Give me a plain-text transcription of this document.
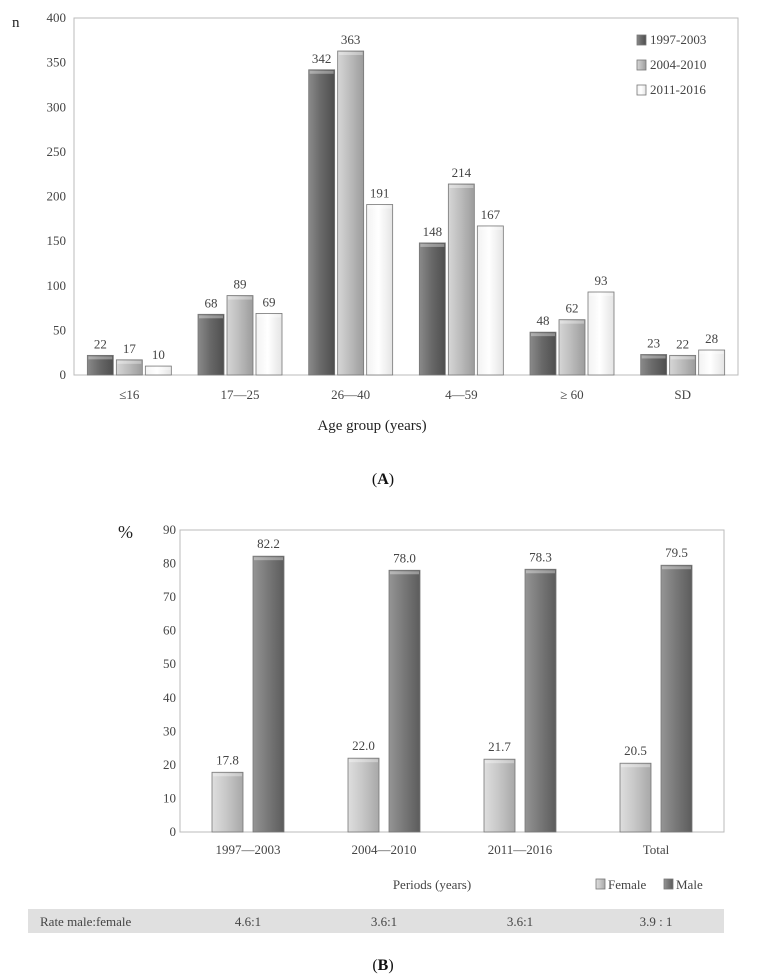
n
Age group (years)
(A)
0
50
100
150
200
250
300
350
400
≤16	17—25	26—40	4—59	≥ 60	SD
22 17 10
68
89
69
342
363
191
148
214
167
48
62
93
23 22 28
1997-2003
2004-2010
2011-2016
%
Periods (years)
0
10
20
30
40
50
60
70
80
90
1997—2003	2004—2010	2011—2016	Total
17.8
82.2
22.0
78.0
21.7
78.3
20.5
79.5
Female Male
Rate male:female	4.6:1	3.6:1	3.6:1	3.9 : 1
(B)
